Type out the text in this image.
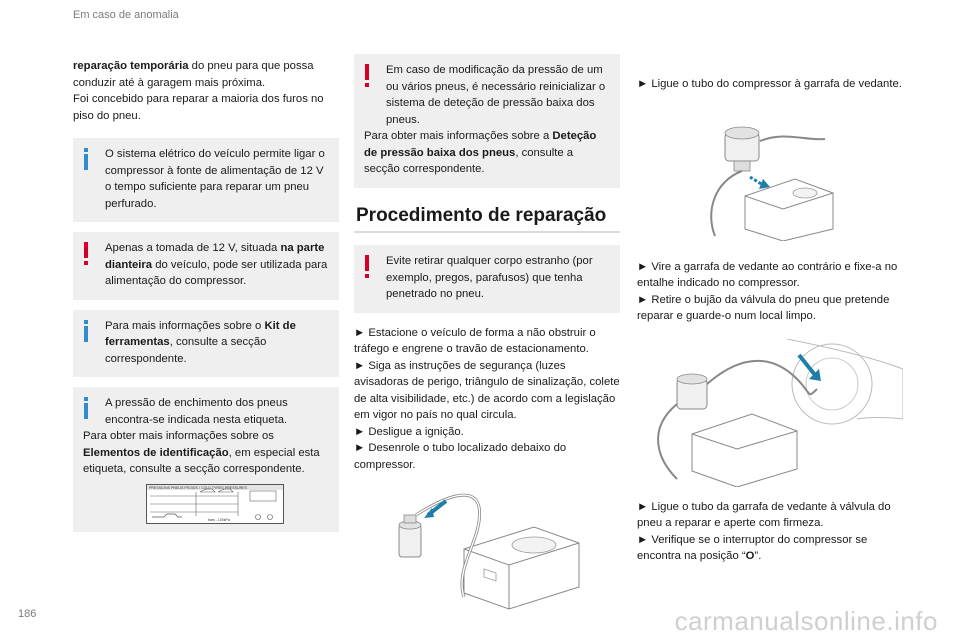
Em caso de anomalia

reparação temporária do pneu para que possa conduzir até à garagem mais próxima.
Foi concebido para reparar a maioria dos furos no piso do pneu.

O sistema elétrico do veículo permite ligar o compressor à fonte de alimentação de 12 V o tempo suficiente para reparar um pneu perfurado.
Apenas a tomada de 12 V, situada na parte dianteira do veículo, pode ser utilizada para alimentação do compressor.
Para mais informações sobre o Kit de ferramentas, consulte a secção correspondente.
A pressão de enchimento dos pneus encontra-se indicada nesta etiqueta.
Para obter mais informações sobre os Elementos de identificação, em especial esta etiqueta, consulte a secção correspondente.
PRESSIONS PNEUS FROIDS / COLD TYRES PRESSURES
bars - 100kPa
Em caso de modificação da pressão de um ou vários pneus, é necessário reinicializar o sistema de deteção de pressão baixa dos pneus.
Para obter mais informações sobre a Deteção de pressão baixa dos pneus, consulte a secção correspondente.
Procedimento de reparação
Evite retirar qualquer corpo estranho (por exemplo, pregos, parafusos) que tenha penetrado no pneu.

► Estacione o veículo de forma a não obstruir o tráfego e engrene o travão de estacionamento.

► Siga as instruções de segurança (luzes avisadoras de perigo, triângulo de sinalização, colete de alta visibilidade, etc.) de acordo com a legislação em vigor no país no qual circula.

► Desligue a ignição.

► Desenrole o tubo localizado debaixo do compressor.

► Ligue o tubo do compressor à garrafa de vedante.

► Vire a garrafa de vedante ao contrário e fixe-a no entalhe indicado no compressor.

► Retire o bujão da válvula do pneu que pretende reparar e guarde-o num local limpo.

► Ligue o tubo da garrafa de vedante à válvula do pneu a reparar e aperte com firmeza.

► Verifique se o interruptor do compressor se encontra na posição “O”.

186	carmanualsonline.info
